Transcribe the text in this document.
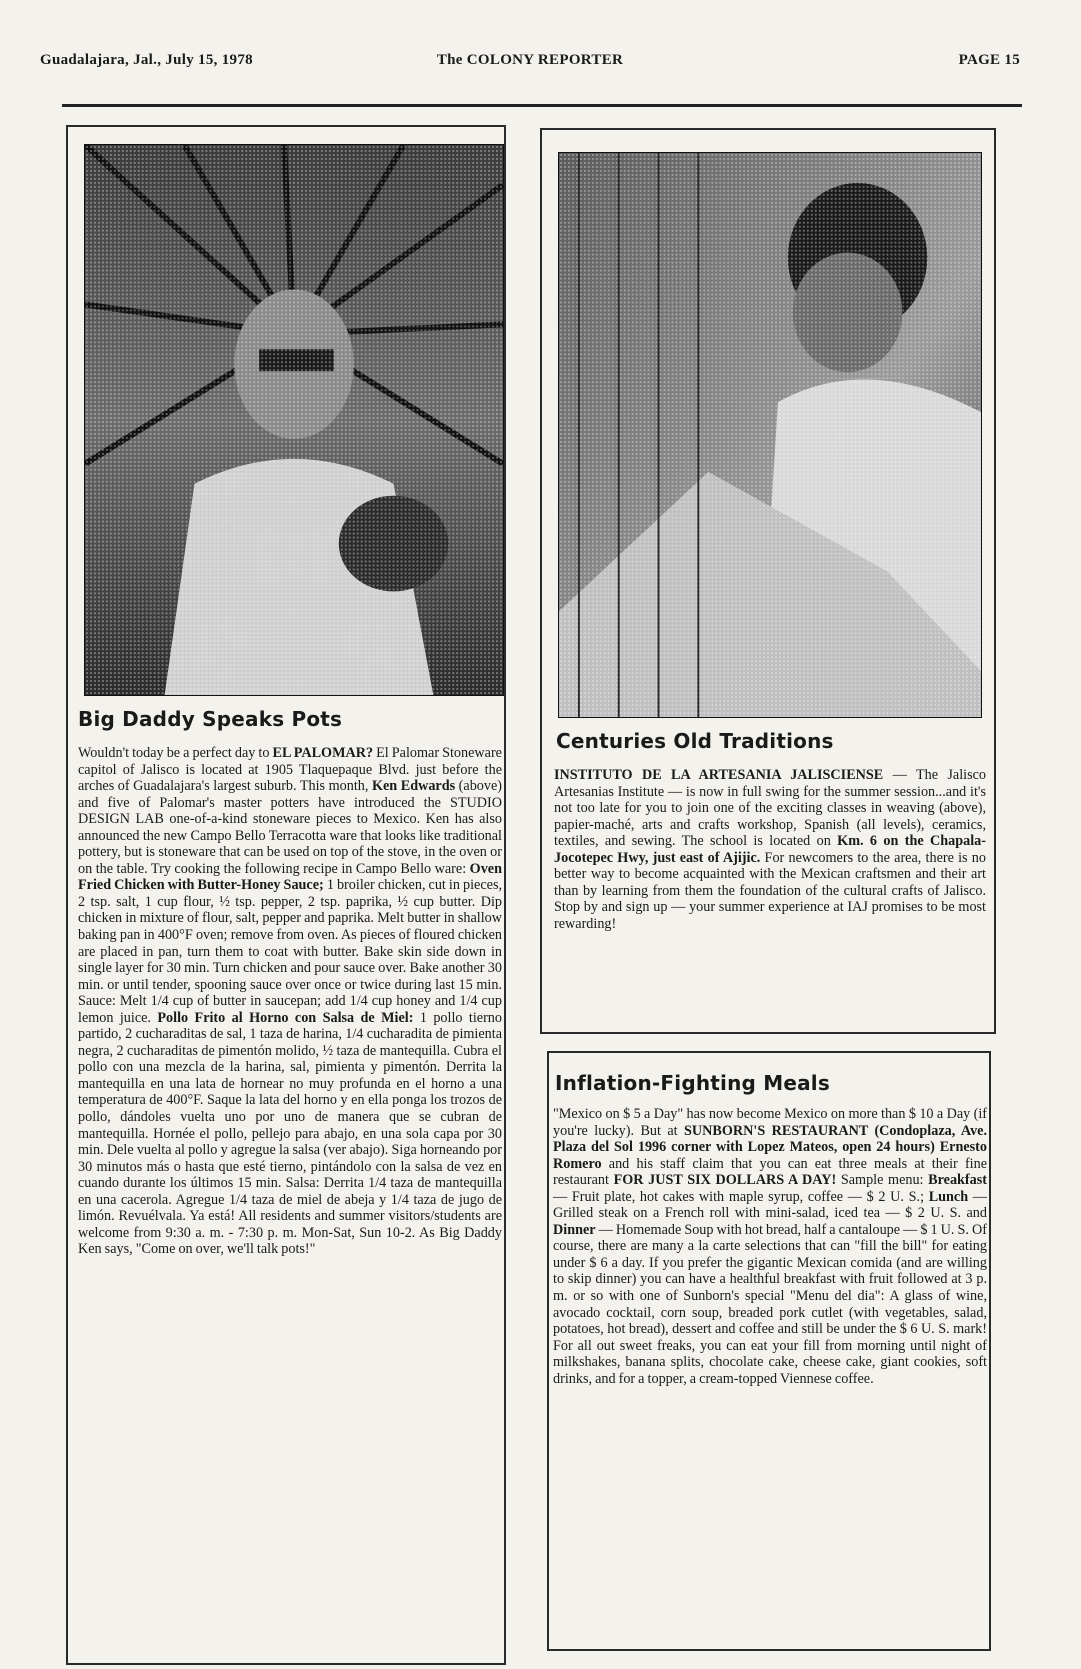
Guadalajara, Jal., July 15, 1978	The COLONY REPORTER	PAGE 15
Big Daddy Speaks Pots

Wouldn't today be a perfect day to EL PALOMAR? El Palomar Stoneware capitol of Jalisco is located at 1905 Tlaquepaque Blvd. just before the arches of Guadalajara's largest suburb. This month, Ken Edwards (above) and five of Palomar's master potters have introduced the STUDIO DESIGN LAB one-of-a-kind stoneware pieces to Mexico. Ken has also announced the new Campo Bello Terracotta ware that looks like traditional pottery, but is stoneware that can be used on top of the stove, in the oven or on the table. Try cooking the following recipe in Campo Bello ware: Oven Fried Chicken with Butter-Honey Sauce; 1 broiler chicken, cut in pieces, 2 tsp. salt, 1 cup flour, ½ tsp. pepper, 2 tsp. paprika, ½ cup butter. Dip chicken in mixture of flour, salt, pepper and paprika. Melt butter in shallow baking pan in 400°F oven; remove from oven. As pieces of floured chicken are placed in pan, turn them to coat with butter. Bake skin side down in single layer for 30 min. Turn chicken and pour sauce over. Bake another 30 min. or until tender, spooning sauce over once or twice during last 15 min. Sauce: Melt 1/4 cup of butter in saucepan; add 1/4 cup honey and 1/4 cup lemon juice. Pollo Frito al Horno con Salsa de Miel: 1 pollo tierno partido, 2 cucharaditas de sal, 1 taza de harina, 1/4 cucharadita de pimienta negra, 2 cucharaditas de pimentón molido, ½ taza de mantequilla. Cubra el pollo con una mezcla de la harina, sal, pimienta y pimentón. Derrita la mantequilla en una lata de hornear no muy profunda en el horno a una temperatura de 400°F. Saque la lata del horno y en ella ponga los trozos de pollo, dándoles vuelta uno por uno de manera que se cubran de mantequilla. Hornée el pollo, pellejo para abajo, en una sola capa por 30 min. Dele vuelta al pollo y agregue la salsa (ver abajo). Siga horneando por 30 minutos más o hasta que esté tierno, pintándolo con la salsa de vez en cuando durante los últimos 15 min. Salsa: Derrita 1/4 taza de mantequilla en una cacerola. Agregue 1/4 taza de miel de abeja y 1/4 taza de jugo de limón. Revuélvala. Ya está! All residents and summer visitors/students are welcome from 9:30 a. m. - 7:30 p. m. Mon-Sat, Sun 10-2. As Big Daddy Ken says, "Come on over, we'll talk pots!"

Centuries Old Traditions

INSTITUTO DE LA ARTESANIA JALISCIENSE — The Jalisco Artesanias Institute — is now in full swing for the summer session...and it's not too late for you to join one of the exciting classes in weaving (above), papier-maché, arts and crafts workshop, Spanish (all levels), ceramics, textiles, and sewing. The school is located on Km. 6 on the Chapala-Jocotepec Hwy, just east of Ajijic. For newcomers to the area, there is no better way to become acquainted with the Mexican craftsmen and their art than by learning from them the foundation of the cultural crafts of Jalisco. Stop by and sign up — your summer experience at IAJ promises to be most rewarding!

Inflation-Fighting Meals

"Mexico on $ 5 a Day" has now become Mexico on more than $ 10 a Day (if you're lucky). But at SUNBORN'S RESTAURANT (Condoplaza, Ave. Plaza del Sol 1996 corner with Lopez Mateos, open 24 hours) Ernesto Romero and his staff claim that you can eat three meals at their fine restaurant FOR JUST SIX DOLLARS A DAY! Sample menu: Breakfast — Fruit plate, hot cakes with maple syrup, coffee — $ 2 U. S.; Lunch — Grilled steak on a French roll with mini-salad, iced tea — $ 2 U. S. and Dinner — Homemade Soup with hot bread, half a cantaloupe — $ 1 U. S. Of course, there are many a la carte selections that can "fill the bill" for eating under $ 6 a day. If you prefer the gigantic Mexican comida (and are willing to skip dinner) you can have a healthful breakfast with fruit followed at 3 p. m. or so with one of Sunborn's special "Menu del dia": A glass of wine, avocado cocktail, corn soup, breaded pork cutlet (with vegetables, salad, potatoes, hot bread), dessert and coffee and still be under the $ 6 U. S. mark! For all out sweet freaks, you can eat your fill from morning until night of milkshakes, banana splits, chocolate cake, cheese cake, giant cookies, soft drinks, and for a topper, a cream-topped Viennese coffee.
